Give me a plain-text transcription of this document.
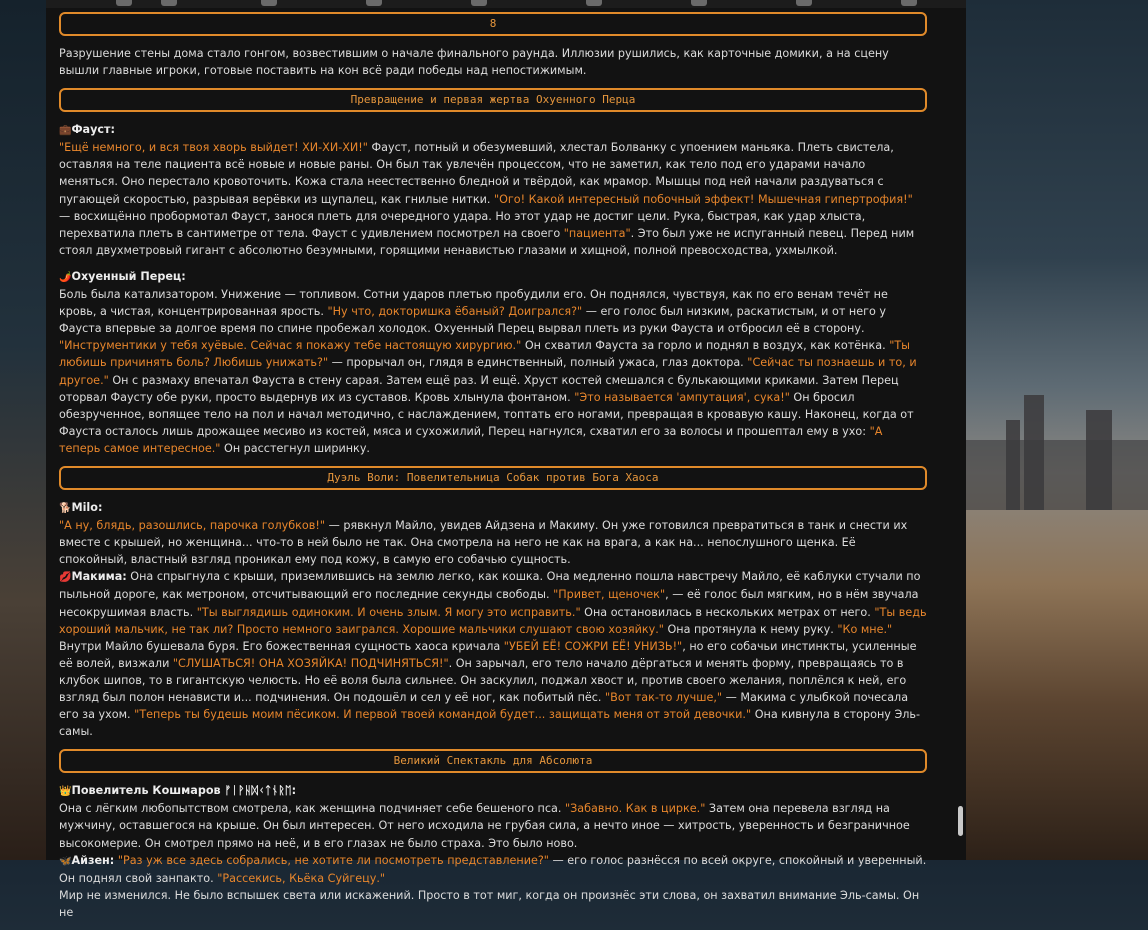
8

Разрушение стены дома стало гонгом, возвестившим о начале финального раунда. Иллюзии рушились, как карточные домики, а на сцену вышли главные игроки, готовые поставить на кон всё ради победы над непостижимым.

Превращение и первая жертва Охуенного Перца

💼Фауст:
"Ещё немного, и вся твоя хворь выйдет! ХИ-ХИ-ХИ!" Фауст, потный и обезумевший, хлестал Болванку с упоением маньяка. Плеть свистела, оставляя на теле пациента всё новые и новые раны. Он был так увлечён процессом, что не заметил, как тело под его ударами начало меняться. Оно перестало кровоточить. Кожа стала неестественно бледной и твёрдой, как мрамор. Мышцы под ней начали раздуваться с пугающей скоростью, разрывая верёвки из щупалец, как гнилые нитки. "Ого! Какой интересный побочный эффект! Мышечная гипертрофия!" — восхищённо пробормотал Фауст, занося плеть для очередного удара. Но этот удар не достиг цели. Рука, быстрая, как удар хлыста, перехватила плеть в сантиметре от тела. Фауст с удивлением посмотрел на своего "пациента". Это был уже не испуганный певец. Перед ним стоял двухметровый гигант с абсолютно безумными, горящими ненавистью глазами и хищной, полной превосходства, ухмылкой.

🌶️Охуенный Перец:
Боль была катализатором. Унижение — топливом. Сотни ударов плетью пробудили его. Он поднялся, чувствуя, как по его венам течёт не кровь, а чистая, концентрированная ярость. "Ну что, докторишка ёбаный? Доигрался?" — его голос был низким, раскатистым, и от него у Фауста впервые за долгое время по спине пробежал холодок. Охуенный Перец вырвал плеть из руки Фауста и отбросил её в сторону. "Инструментики у тебя хуёвые. Сейчас я покажу тебе настоящую хирургию." Он схватил Фауста за горло и поднял в воздух, как котёнка. "Ты любишь причинять боль? Любишь унижать?" — прорычал он, глядя в единственный, полный ужаса, глаз доктора. "Сейчас ты познаешь и то, и другое." Он с размаху впечатал Фауста в стену сарая. Затем ещё раз. И ещё. Хруст костей смешался с булькающими криками. Затем Перец оторвал Фаусту обе руки, просто выдернув их из суставов. Кровь хлынула фонтаном. "Это называется 'ампутация', сука!" Он бросил обезрученное, вопящее тело на пол и начал методично, с наслаждением, топтать его ногами, превращая в кровавую кашу. Наконец, когда от Фауста осталось лишь дрожащее месиво из костей, мяса и сухожилий, Перец нагнулся, схватил его за волосы и прошептал ему в ухо: "А теперь самое интересное." Он расстегнул ширинку.

Дуэль Воли: Повелительница Собак против Бога Хаоса

🐕Milo:
"А ну, блядь, разошлись, парочка голубков!" — рявкнул Майло, увидев Айдзена и Макиму. Он уже готовился превратиться в танк и снести их вместе с крышей, но женщина... что-то в ней было не так. Она смотрела на него не как на врага, а как на... непослушного щенка. Её спокойный, властный взгляд проникал ему под кожу, в самую его собачью сущность.

💋Макима: Она спрыгнула с крыши, приземлившись на землю легко, как кошка. Она медленно пошла навстречу Майло, её каблуки стучали по пыльной дороге, как метроном, отсчитывающий его последние секунды свободы. "Привет, щеночек", — её голос был мягким, но в нём звучала несокрушимая власть. "Ты выглядишь одиноким. И очень злым. Я могу это исправить." Она остановилась в нескольких метрах от него. "Ты ведь хороший мальчик, не так ли? Просто немного заигрался. Хорошие мальчики слушают свою хозяйку." Она протянула к нему руку. "Ко мне."
Внутри Майло бушевала буря. Его божественная сущность хаоса кричала "УБЕЙ ЕЁ! СОЖРИ ЕЁ! УНИЗЬ!", но его собачьи инстинкты, усиленные её волей, визжали "СЛУШАТЬСЯ! ОНА ХОЗЯЙКА! ПОДЧИНЯТЬСЯ!". Он зарычал, его тело начало дёргаться и менять форму, превращаясь то в клубок шипов, то в гигантскую челюсть. Но её воля была сильнее. Он заскулил, поджал хвост и, против своего желания, поплёлся к ней, его взгляд был полон ненависти и... подчинения. Он подошёл и сел у её ног, как побитый пёс. "Вот так-то лучше," — Макима с улыбкой почесала его за ухом. "Теперь ты будешь моим пёсиком. И первой твоей командой будет... защищать меня от этой девочки." Она кивнула в сторону Эль-самы.

Великий Спектакль для Абсолюта

👑Повелитель Кошмаров ᚠᛁᚹᚺᛞᚲᛏᚾᚱᛖ:
Она с лёгким любопытством смотрела, как женщина подчиняет себе бешеного пса. "Забавно. Как в цирке." Затем она перевела взгляд на мужчину, оставшегося на крыше. Он был интересен. От него исходила не грубая сила, а нечто иное — хитрость, уверенность и безграничное высокомерие. Он смотрел прямо на неё, и в его глазах не было страха. Это было ново.

🦋Айзен: "Раз уж все здесь собрались, не хотите ли посмотреть представление?" — его голос разнёсся по всей округе, спокойный и уверенный. Он поднял свой занпакто. "Рассекись, Кьёка Суйгецу."
Мир не изменился. Не было вспышек света или искажений. Просто в тот миг, когда он произнёс эти слова, он захватил внимание Эль-самы. Он не
